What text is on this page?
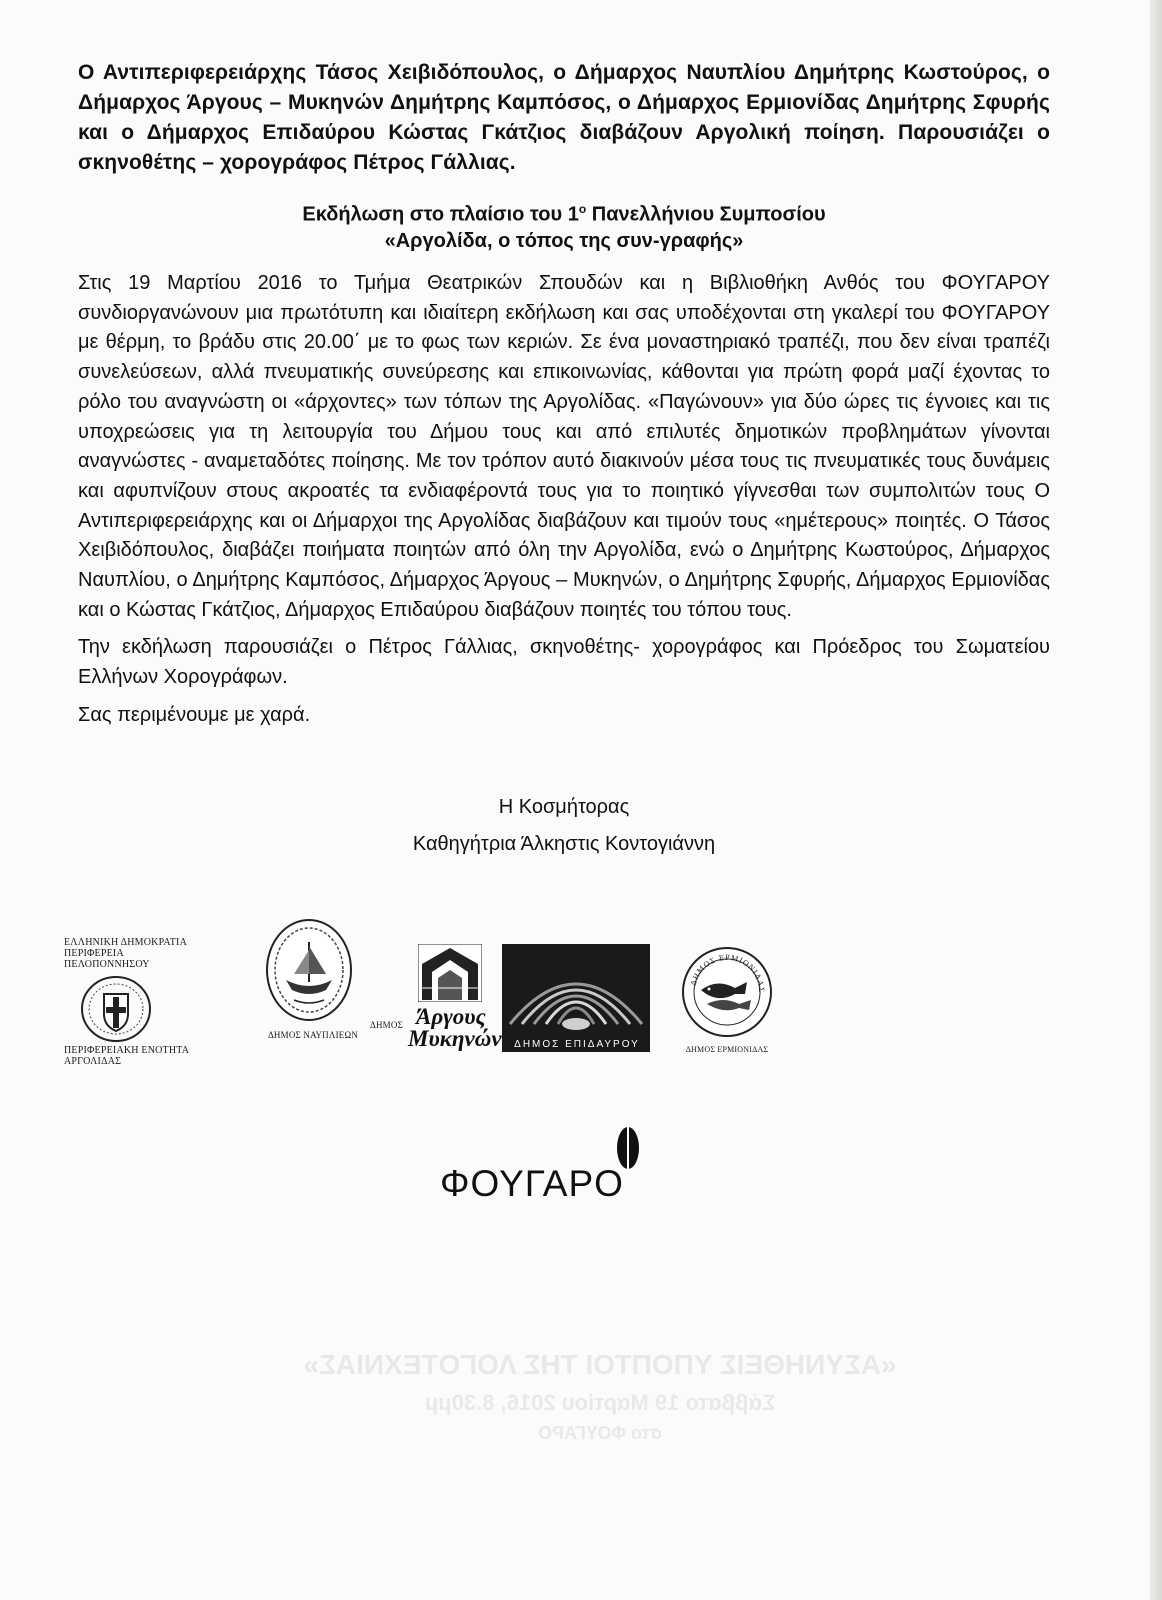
«ΑΣΥΝΗΘΕΙΣ ΥΠΟΠΤΟΙ ΤΗΣ ΛΟΓΟΤΕΧΝΙΑΣ»
Σάββατο 19 Μαρτίου 2016, 8.30μμ
στο ΦΟΥΓΑΡΟ
Ο Αντιπεριφερειάρχης Τάσος Χειβιδόπουλος, ο Δήμαρχος Ναυπλίου Δημήτρης Κωστούρος, ο Δήμαρχος Άργους – Μυκηνών Δημήτρης Καμπόσος, ο Δήμαρχος Ερμιονίδας Δημήτρης Σφυρής και ο Δήμαρχος Επιδαύρου Κώστας Γκάτζιος διαβάζουν Αργολική ποίηση. Παρουσιάζει ο σκηνοθέτης – χορογράφος Πέτρος Γάλλιας.
Εκδήλωση στο πλαίσιο του $1^o$ Πανελλήνιου Συμποσίου
«Αργολίδα, ο τόπος της συν-γραφής»

Στις 19 Μαρτίου 2016 το Τμήμα Θεατρικών Σπουδών και η Βιβλιοθήκη Ανθός του ΦΟΥΓΑΡΟΥ συνδιοργανώνουν μια πρωτότυπη και ιδιαίτερη εκδήλωση και σας υποδέχονται στη γκαλερί του ΦΟΥΓΑΡΟΥ με θέρμη, το βράδυ στις 20.00΄ με το φως των κεριών. Σε ένα μοναστηριακό τραπέζι, που δεν είναι τραπέζι συνελεύσεων, αλλά πνευματικής συνεύρεσης και επικοινωνίας, κάθονται για πρώτη φορά μαζί έχοντας το ρόλο του αναγνώστη οι «άρχοντες» των τόπων της Αργολίδας. «Παγώνουν» για δύο ώρες τις έγνοιες και τις υποχρεώσεις για τη λειτουργία του Δήμου τους και από επιλυτές δημοτικών προβλημάτων γίνονται αναγνώστες - αναμεταδότες ποίησης. Με τον τρόπον αυτό διακινούν μέσα τους τις πνευματικές τους δυνάμεις και αφυπνίζουν στους ακροατές τα ενδιαφέροντά τους για το ποιητικό γίγνεσθαι των συμπολιτών τους Ο Αντιπεριφερειάρχης και οι Δήμαρχοι της Αργολίδας διαβάζουν και τιμούν τους «ημέτερους» ποιητές. Ο Τάσος Χειβιδόπουλος, διαβάζει ποιήματα ποιητών από όλη την Αργολίδα, ενώ ο Δημήτρης Κωστούρος, Δήμαρχος Ναυπλίου, ο Δημήτρης Καμπόσος, Δήμαρχος Άργους – Μυκηνών, ο Δημήτρης Σφυρής, Δήμαρχος Ερμιονίδας και ο Κώστας Γκάτζιος, Δήμαρχος Επιδαύρου διαβάζουν ποιητές του τόπου τους.

Την εκδήλωση παρουσιάζει ο Πέτρος Γάλλιας, σκηνοθέτης- χορογράφος και Πρόεδρος του Σωματείου Ελλήνων Χορογράφων.

Σας περιμένουμε με χαρά.

Η Κοσμήτορας
Καθηγήτρια Άλκηστις Κοντογιάννη
ΕΛΛΗΝΙΚΗ ΔΗΜΟΚΡΑΤΙΑ
ΠΕΡΙΦΕΡΕΙΑ
ΠΕΛΟΠΟΝΝΗΣΟΥ
ΠΕΡΙΦΕΡΕΙΑΚΗ ΕΝΟΤΗΤΑ
ΑΡΓΟΛΙΔΑΣ
ΔΗΜΟΣ ΝΑΥΠΛΙΕΩΝ
ΔΗΜΟΣ Άργους
Μυκηνών	ΔΗΜΟΣ ΕΠΙΔΑΥΡΟΥ
ΔΗΜΟΣ ΕΡΜΙΟΝΙΔΑΣ
ΔΗΜΟΣ ΕΡΜΙΟΝΙΔΑΣ
ΦΟΥΓΑΡΟ
